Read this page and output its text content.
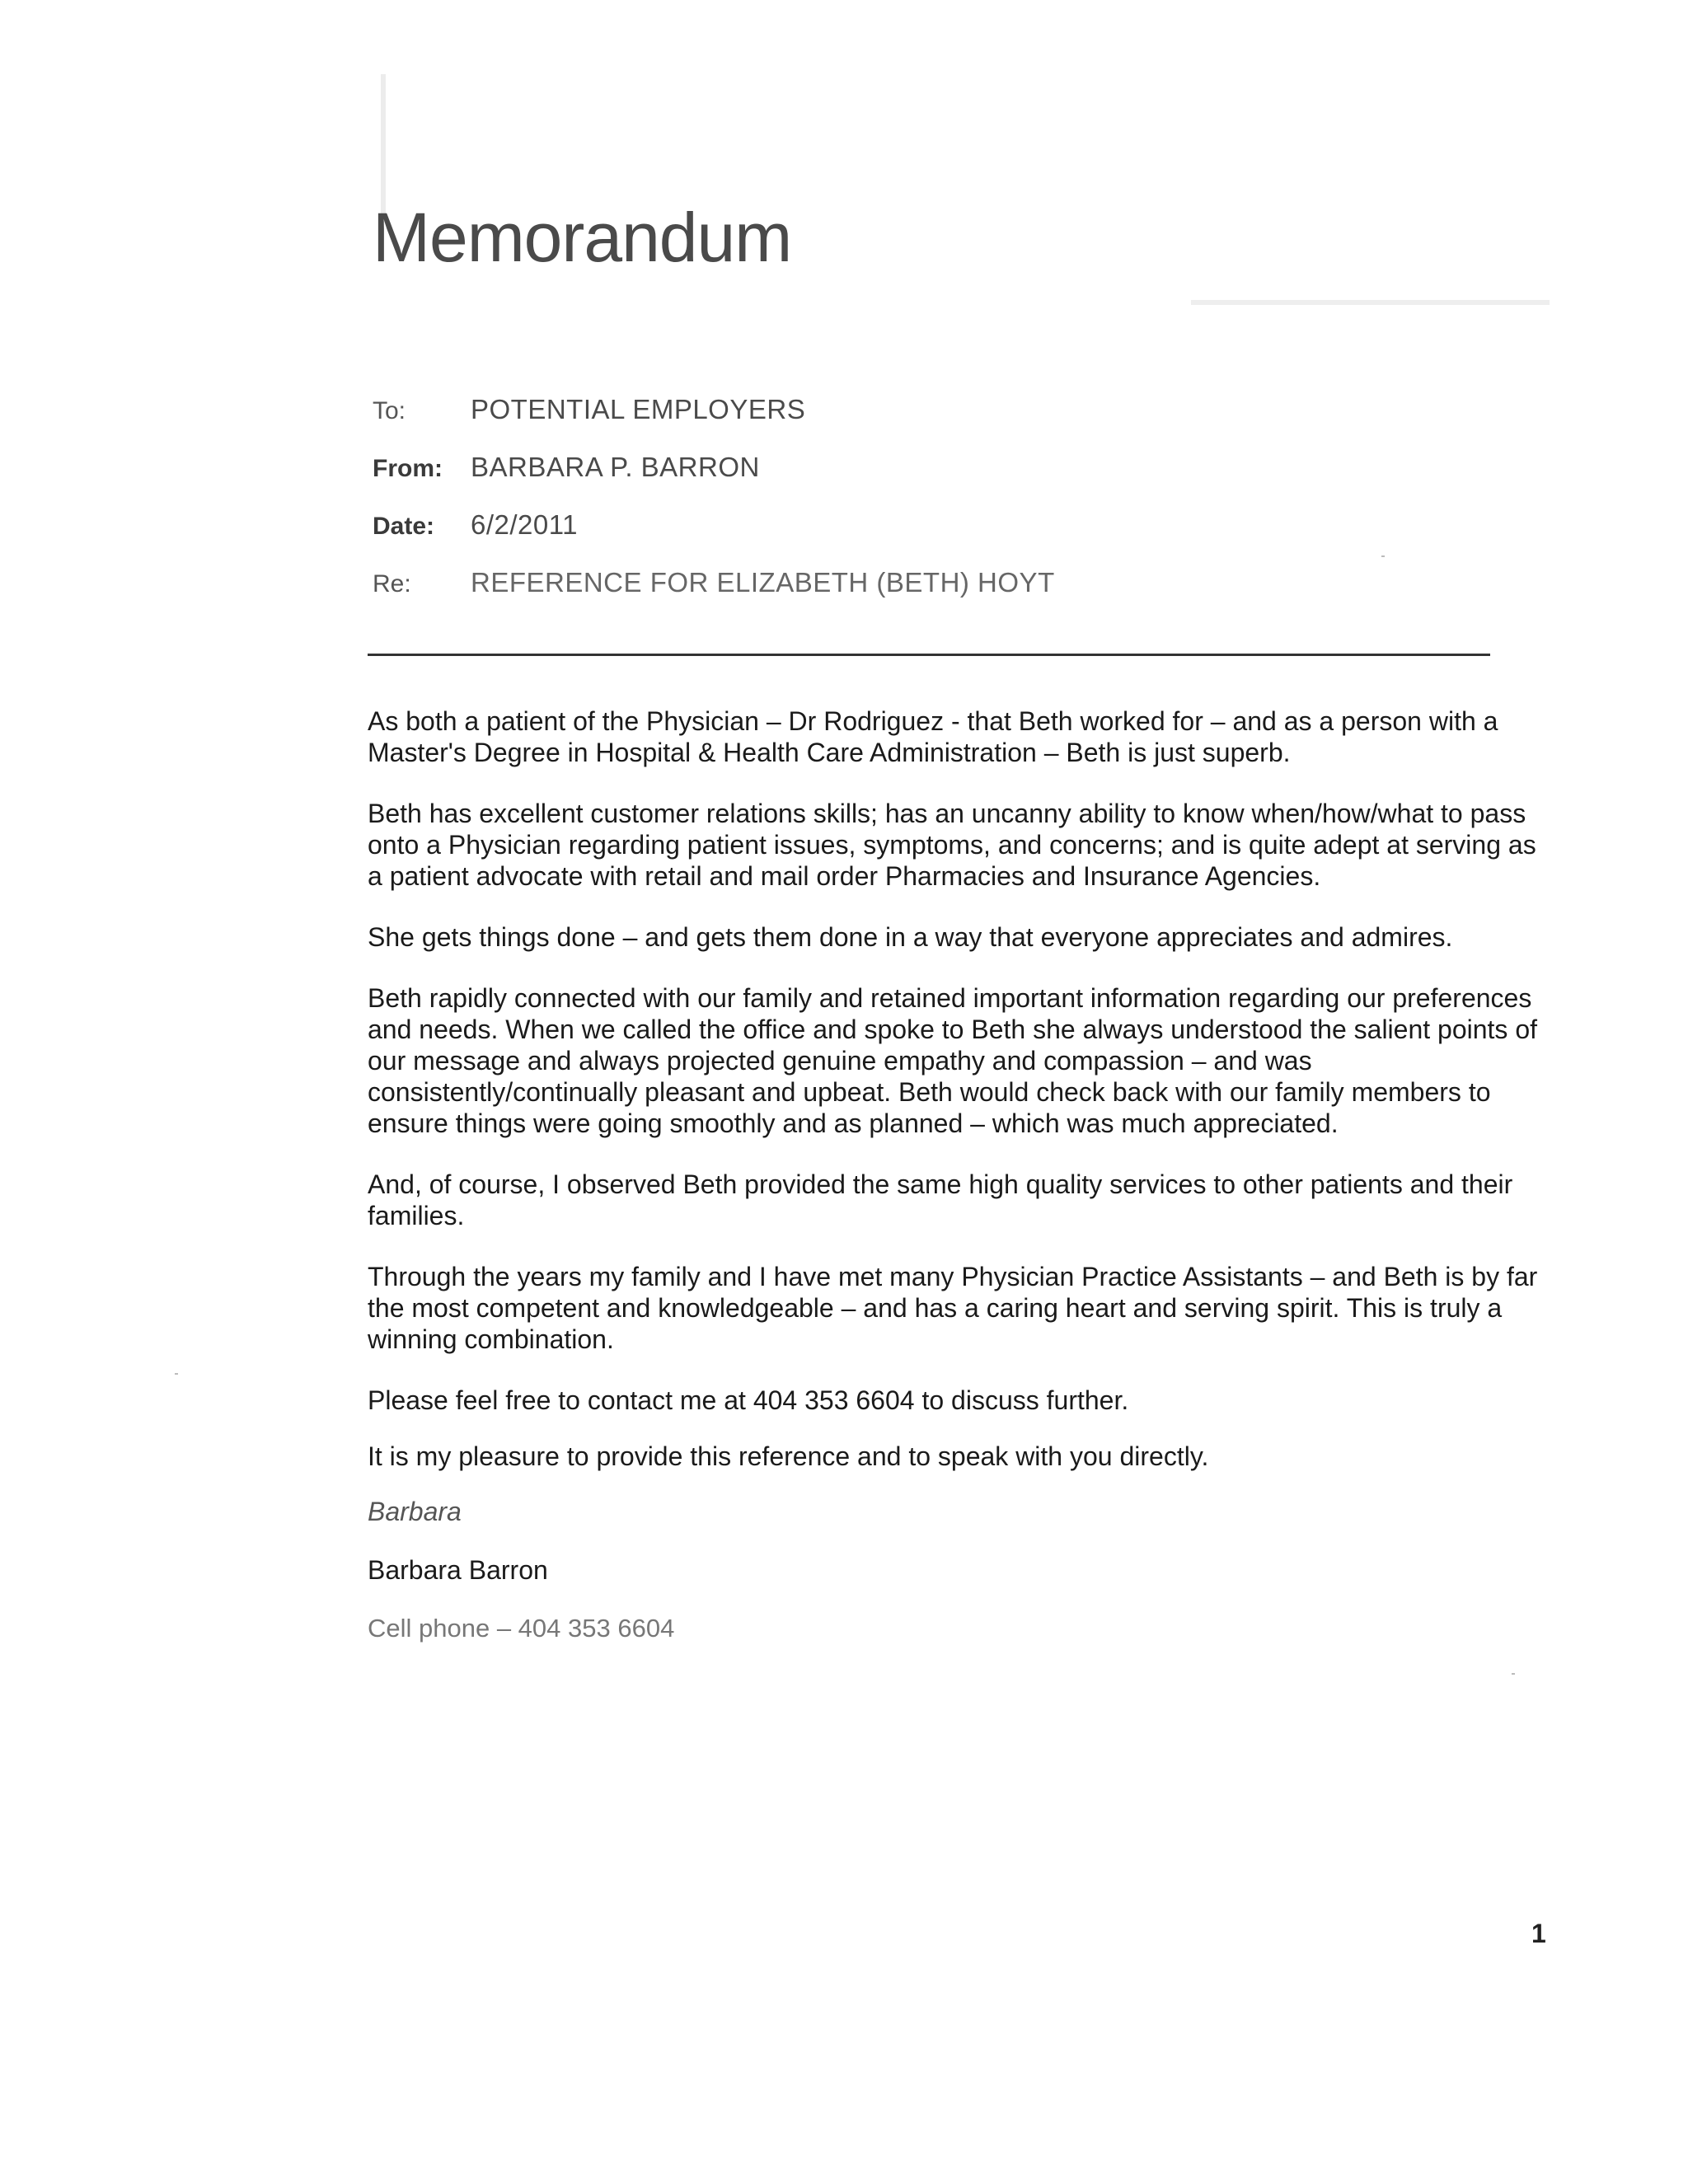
Memorandum
To: POTENTIAL EMPLOYERS
From: BARBARA P. BARRON
Date: 6/2/2011
Re: REFERENCE FOR ELIZABETH (BETH) HOYT

As both a patient of the Physician – Dr Rodriguez - that Beth worked for – and as a person with a Master's Degree in Hospital & Health Care Administration – Beth is just superb.

Beth has excellent customer relations skills; has an uncanny ability to know when/how/what to pass onto a Physician regarding patient issues, symptoms, and concerns; and is quite adept at serving as a patient advocate with retail and mail order Pharmacies and Insurance Agencies.

She gets things done – and gets them done in a way that everyone appreciates and admires.

Beth rapidly connected with our family and retained important information regarding our preferences and needs. When we called the office and spoke to Beth she always understood the salient points of our message and always projected genuine empathy and compassion – and was consistently/continually pleasant and upbeat. Beth would check back with our family members to ensure things were going smoothly and as planned – which was much appreciated.

And, of course, I observed Beth provided the same high quality services to other patients and their families.

Through the years my family and I have met many Physician Practice Assistants – and Beth is by far the most competent and knowledgeable – and has a caring heart and serving spirit. This is truly a winning combination.

Please feel free to contact me at 404 353 6604 to discuss further.

It is my pleasure to provide this reference and to speak with you directly.

Barbara

Barbara Barron

Cell phone – 404 353 6604

1
